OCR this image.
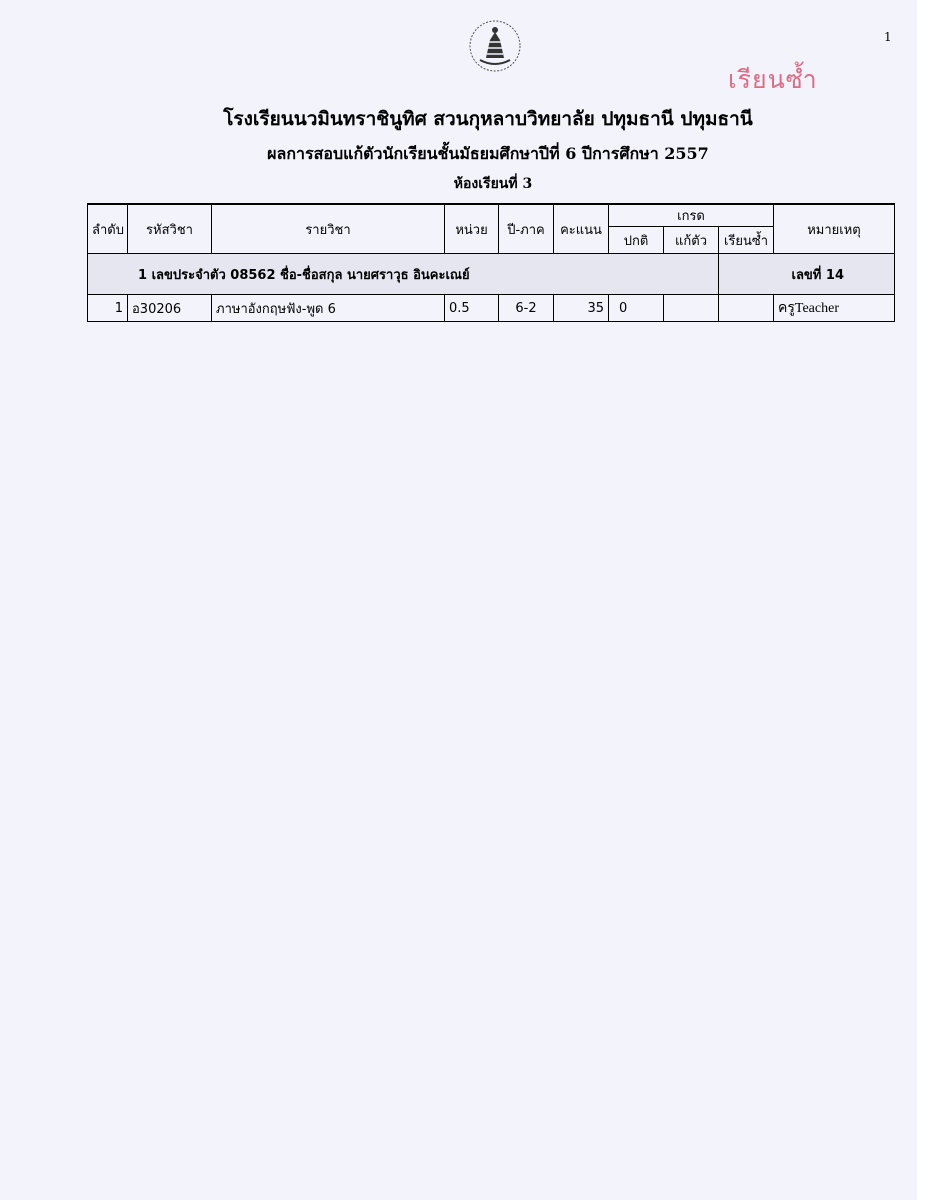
1
เรียนซ้ำ
โรงเรียนนวมินทราชินูทิศ สวนกุหลาบวิทยาลัย ปทุมธานี ปทุมธานี
ผลการสอบแก้ตัวนักเรียนชั้นมัธยมศึกษาปีที่ 6 ปีการศึกษา 2557
ห้องเรียนที่ 3
ลำดับ	รหัสวิชา	รายวิชา	หน่วย	ปี-ภาค	คะแนน	เกรด			หมายเหตุ
						ปกติ	แก้ตัว	เรียนซ้ำ	
1 เลขประจำตัว 08562 ชื่อ-ชื่อสกุล นายศราวุธ อินคะเณย์								เลขที่ 14	
1	อ30206	ภาษาอังกฤษฟัง-พูด 6	0.5	6-2	35	0			ครูTeacher
